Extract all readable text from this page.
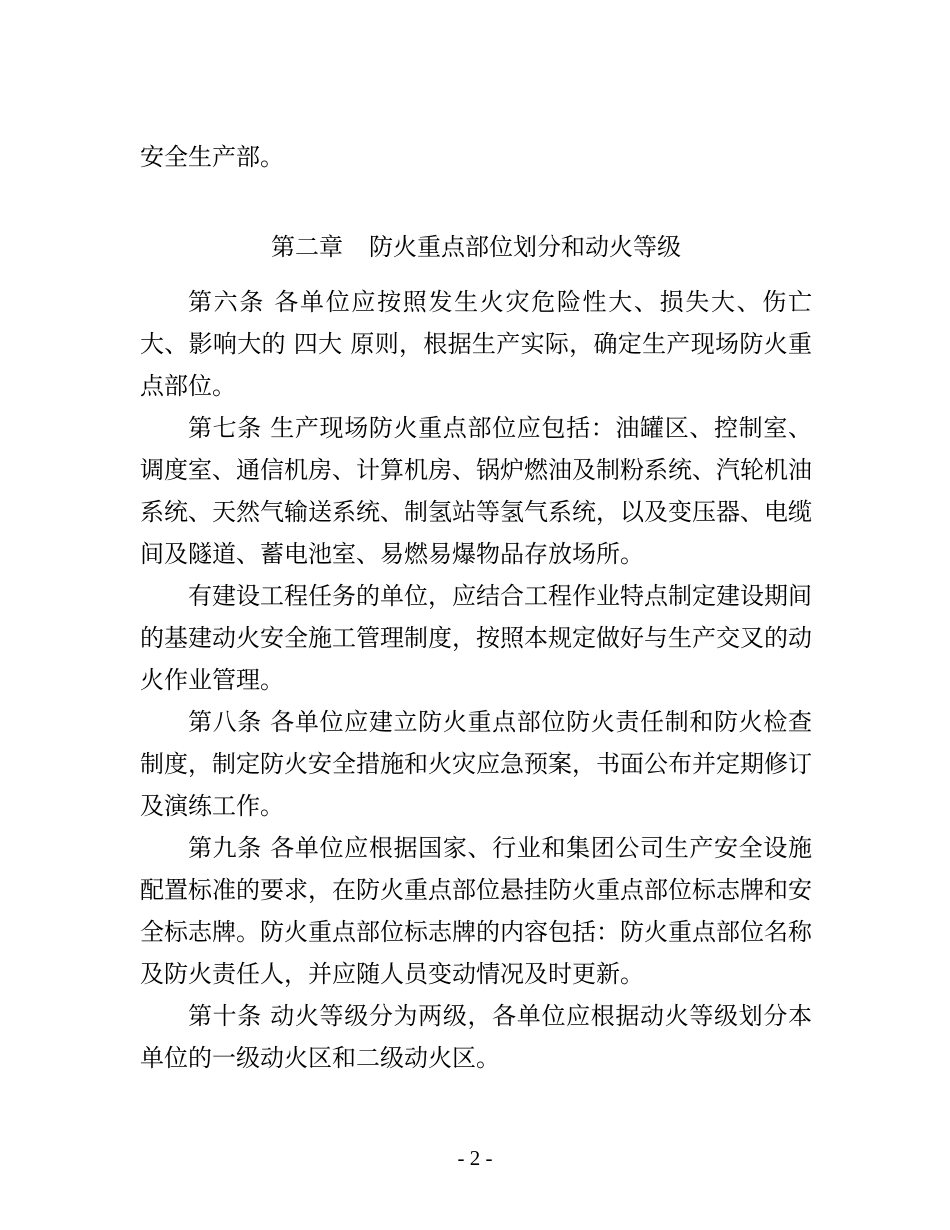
安全生产部。

第二章 防火重点部位划分和动火等级

第六条 各单位应按照发生火灾危险性大、损失大、伤亡大、影响大的 四大 原则，根据生产实际，确定生产现场防火重点部位。

第七条 生产现场防火重点部位应包括：油罐区、控制室、调度室、通信机房、计算机房、锅炉燃油及制粉系统、汽轮机油系统、天然气输送系统、制氢站等氢气系统，以及变压器、电缆间及隧道、蓄电池室、易燃易爆物品存放场所。

有建设工程任务的单位，应结合工程作业特点制定建设期间的基建动火安全施工管理制度，按照本规定做好与生产交叉的动火作业管理。

第八条 各单位应建立防火重点部位防火责任制和防火检查制度，制定防火安全措施和火灾应急预案，书面公布并定期修订及演练工作。

第九条 各单位应根据国家、行业和集团公司生产安全设施配置标准的要求，在防火重点部位悬挂防火重点部位标志牌和安全标志牌。防火重点部位标志牌的内容包括：防火重点部位名称及防火责任人，并应随人员变动情况及时更新。

第十条 动火等级分为两级，各单位应根据动火等级划分本单位的一级动火区和二级动火区。

- 2 -
